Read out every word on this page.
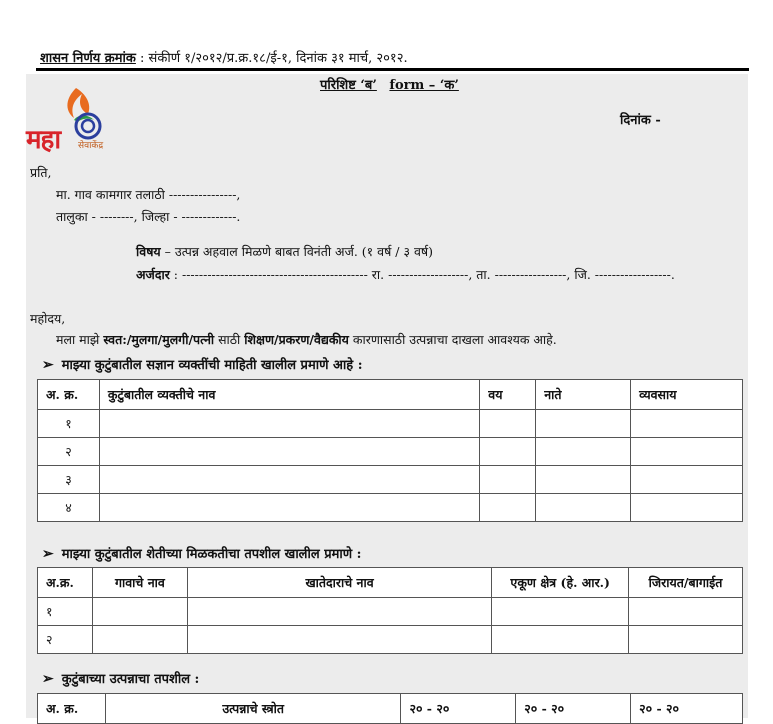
शासन निर्णय क्रमांक : संकीर्ण १/२०१२/प्र.क्र.१८/ई-१, दिनांक ३१ मार्च, २०१२.
परिशिष्ट ‘ब’ form – ‘क’
महा सेवाकेंद्र
दिनांक -
प्रति,
मा. गाव कामगार तलाठी ----------------,
तालुका - --------, जिल्हा - -------------.
विषय – उत्पन्न अहवाल मिळणे बाबत विनंती अर्ज. (१ वर्ष / ३ वर्ष)
अर्जदार : -------------------------------------------- रा. -------------------, ता. -----------------, जि. ------------------.
महोदय,
मला माझे स्वत:/मुलगा/मुलगी/पत्नी साठी शिक्षण/प्रकरण/वैद्यकीय कारणासाठी उत्पन्नाचा दाखला आवश्यक आहे.
➢ माझ्या कुटुंबातील सज्ञान व्यक्तींची माहिती खालील प्रमाणे आहे :
अ. क्र.	कुटुंबातील व्यक्तीचे नाव	वय	नाते	व्यवसाय
१				
२				
३				
४				
➢ माझ्या कुटुंबातील शेतीच्या मिळकतीचा तपशील खालील प्रमाणे :
अ.क्र.	गावाचे नाव	खातेदाराचे नाव	एकूण क्षेत्र (हे. आर.)	जिरायत/बागाईत
१				
२				
➢ कुटुंबाच्या उत्पन्नाचा तपशील :
अ. क्र.	उत्पन्नाचे स्त्रोत	२० - २०	२० - २०	२० - २०
